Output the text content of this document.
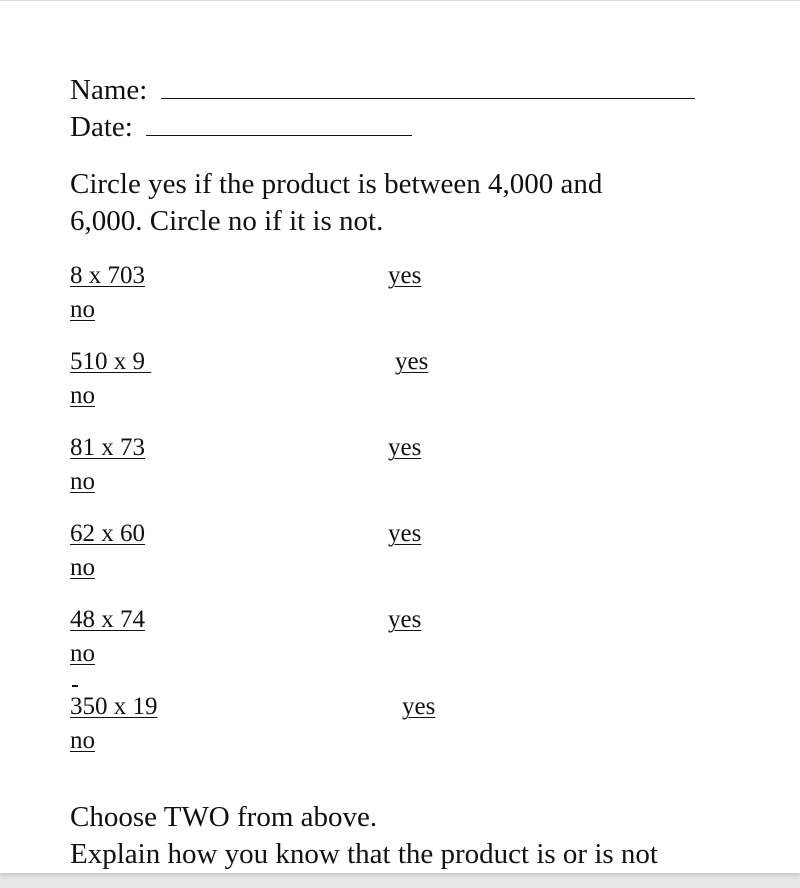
Name:
Date:
Circle yes if the product is between 4,000 and
6,000. Circle no if it is not.
8 x 703	yes
no
510 x 9	yes
no
81 x 73	yes
no
62 x 60	yes
no
48 x 74	yes
no
350 x 19	yes
no
Choose TWO from above.
Explain how you know that the product is or is not
